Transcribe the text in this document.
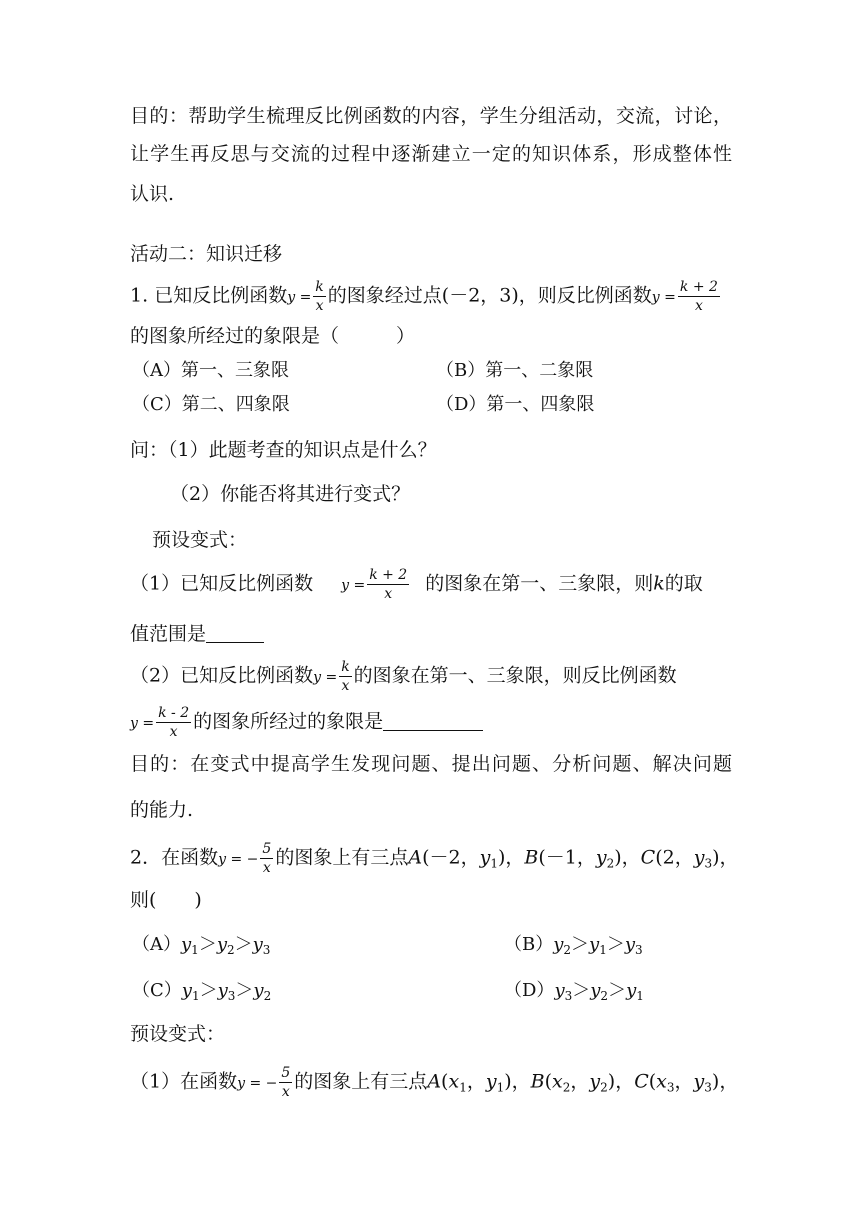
目的：帮助学生梳理反比例函数的内容，学生分组活动，交流，讨论，
让学生再反思与交流的过程中逐渐建立一定的知识体系，形成整体性
认识.
活动二：知识迁移
1. 已知反比例函数$y = \frac{k}{x}$ 的图象经过点(－2，3)，则反比例函数$y = \frac{k + 2}{x}$
的图象所经过的象限是（　　　）
（A）第一、三象限	（B）第一、二象限
（C）第二、四象限	（D）第一、四象限
问：（1）此题考查的知识点是什么？
（2）你能否将其进行变式？
预设变式：
（1）已知反比例函数 $y = \frac{k + 2}{x}$ 的图象在第一、三象限，则k的取
值范围是
（2）已知反比例函数$y = \frac{k}{x}$ 的图象在第一、三象限，则反比例函数
$y = \frac{k - 2}{x}$ 的图象所经过的象限是
目的：在变式中提高学生发现问题、提出问题、分析问题、解决问题
的能力.
2．在函数y = − $\frac{5}{x}$ 的图象上有三点A(－2，$y_1$)，B(－1，$y_2$)，C(2，$y_3$)，
则(　　)
$(A)y_1>y_2>y_3$	$(B)y_2>y_1>y_3$
$(C)y_1>y_3>y_2$	$(D)y_3>y_2>y_1$
预设变式：
（1）在函数y = − $\frac{5}{x}$ 的图象上有三点$A(x_1$，$y_1$)，$B(x_2$，$y_2$)，$C(x_3$，$y_3$)，
